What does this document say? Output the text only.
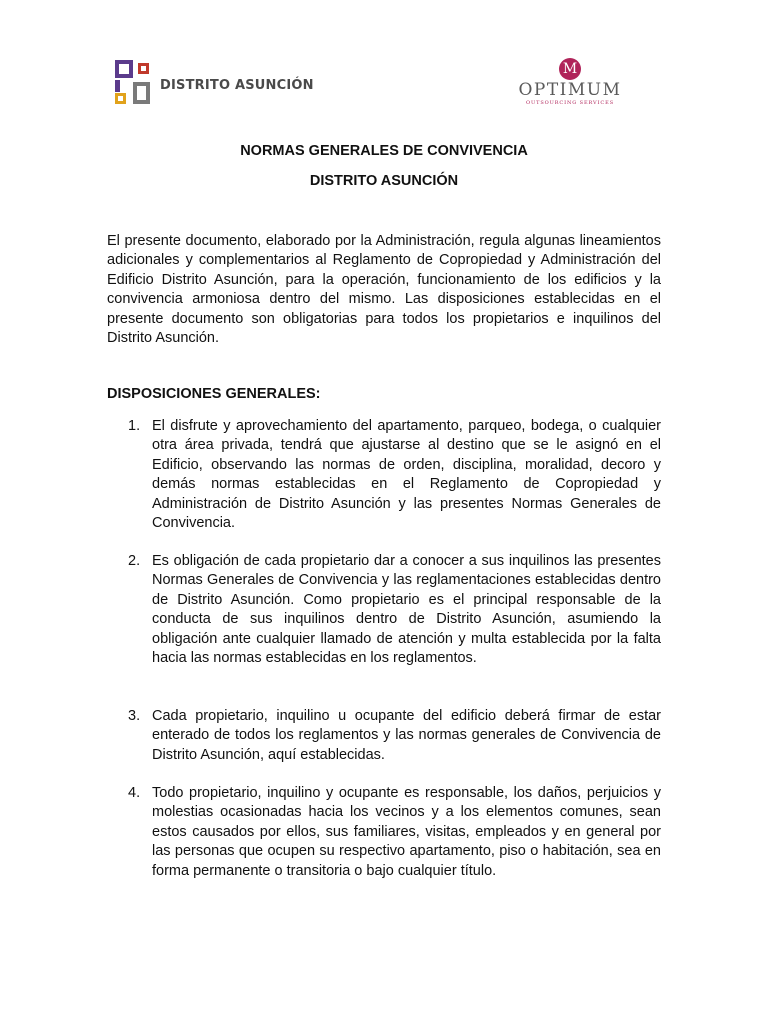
DISTRITO ASUNCIÓN
M
OPTIMUM
OUTSOURCING SERVICES
NORMAS GENERALES DE CONVIVENCIA
DISTRITO ASUNCIÓN

El presente documento, elaborado por la Administración, regula algunas lineamientos adicionales y complementarios al Reglamento de Copropiedad y Administración del Edificio Distrito Asunción, para la operación, funcionamiento de los edificios y la convivencia armoniosa dentro del mismo. Las disposiciones establecidas en el presente documento son obligatorias para todos los propietarios e inquilinos del Distrito Asunción.

DISPOSICIONES GENERALES:
1. El disfrute y aprovechamiento del apartamento, parqueo, bodega, o cualquier otra área privada, tendrá que ajustarse al destino que se le asignó en el Edificio, observando las normas de orden, disciplina, moralidad, decoro y demás normas establecidas en el Reglamento de Copropiedad y Administración de Distrito Asunción y las presentes Normas Generales de Convivencia.
2. Es obligación de cada propietario dar a conocer a sus inquilinos las presentes Normas Generales de Convivencia y las reglamentaciones establecidas dentro de Distrito Asunción. Como propietario es el principal responsable de la conducta de sus inquilinos dentro de Distrito Asunción, asumiendo la obligación ante cualquier llamado de atención y multa establecida por la falta hacia las normas establecidas en los reglamentos.
3. Cada propietario, inquilino u ocupante del edificio deberá firmar de estar enterado de todos los reglamentos y las normas generales de Convivencia de Distrito Asunción, aquí establecidas.
4. Todo propietario, inquilino y ocupante es responsable, los daños, perjuicios y molestias ocasionadas hacia los vecinos y a los elementos comunes, sean estos causados por ellos, sus familiares, visitas, empleados y en general por las personas que ocupen su respectivo apartamento, piso o habitación, sea en forma permanente o transitoria o bajo cualquier título.
